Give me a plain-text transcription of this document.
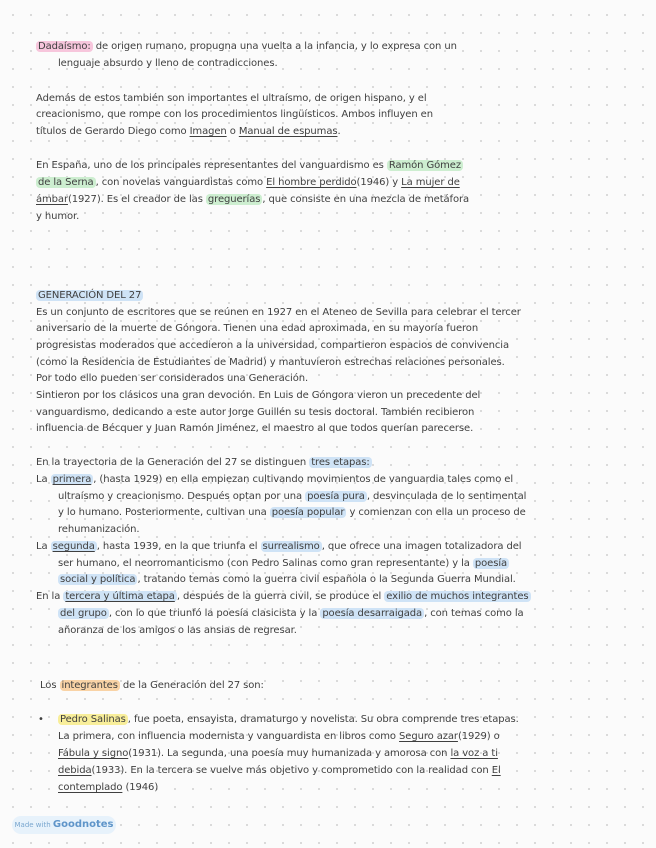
Dadaísmo: de origen rumano, propugna una vuelta a la infancia, y lo expresa con un
lenguaje absurdo y lleno de contradicciones.
Además de estos también son importantes el ultraísmo, de origen hispano, y el
creacionismo, que rompe con los procedimientos lingüísticos. Ambos influyen en
títulos de Gerardo Diego como Imagen o Manual de espumas.
En España, uno de los principales representantes del vanguardismo es Ramón Gómez
de la Serna , con novelas vanguardistas como El hombre perdido(1946) y La mujer de
ámbar(1927). Es el creador de las greguerías , que consiste en una mezcla de metáfora
y humor.
GENERACIÓN DEL 27
Es un conjunto de escritores que se reúnen en 1927 en el Ateneo de Sevilla para celebrar el tercer
aniversario de la muerte de Góngora. Tienen una edad aproximada, en su mayoría fueron
progresistas moderados que accedieron a la universidad, compartieron espacios de convivencia
(como la Residencia de Estudiantes de Madrid) y mantuvieron estrechas relaciones personales.
Por todo ello pueden ser considerados una Generación.
Sintieron por los clásicos una gran devoción. En Luis de Góngora vieron un precedente del
vanguardismo, dedicando a este autor Jorge Guillén su tesis doctoral. También recibieron
influencia de Bécquer y Juan Ramón Jiménez, el maestro al que todos querían parecerse.
En la trayectoria de la Generación del 27 se distinguen tres etapas:
La primera , (hasta 1929) en ella empiezan cultivando movimientos de vanguardia tales como el
ultraísmo y creacionismo. Después optan por una poesía pura , desvinculada de lo sentimental
y lo humano. Posteriormente, cultivan una poesía popular y comienzan con ella un proceso de
rehumanización.
La segunda , hasta 1939, en la que triunfa el surrealismo , que ofrece una imagen totalizadora del
ser humano, el neorromanticismo (con Pedro Salinas como gran representante) y la poesía
social y política , tratando temas como la guerra civil española o la Segunda Guerra Mundial.
En la tercera y última etapa , después de la guerra civil, se produce el exilio de muchos integrantes
del grupo , con lo que triunfó la poesía clasicista y la poesía desarraigada , con temas como la
añoranza de los amigos o las ansias de regresar.
Los integrantes de la Generación del 27 son:
• Pedro Salinas , fue poeta, ensayista, dramaturgo y novelista. Su obra comprende tres etapas.
La primera, con influencia modernista y vanguardista en libros como Seguro azar(1929) o
Fábula y signo(1931). La segunda, una poesía muy humanizada y amorosa con la voz a ti
debida(1933). En la tercera se vuelve más objetivo y comprometido con la realidad con El
contemplado (1946)
Made with Goodnotes
